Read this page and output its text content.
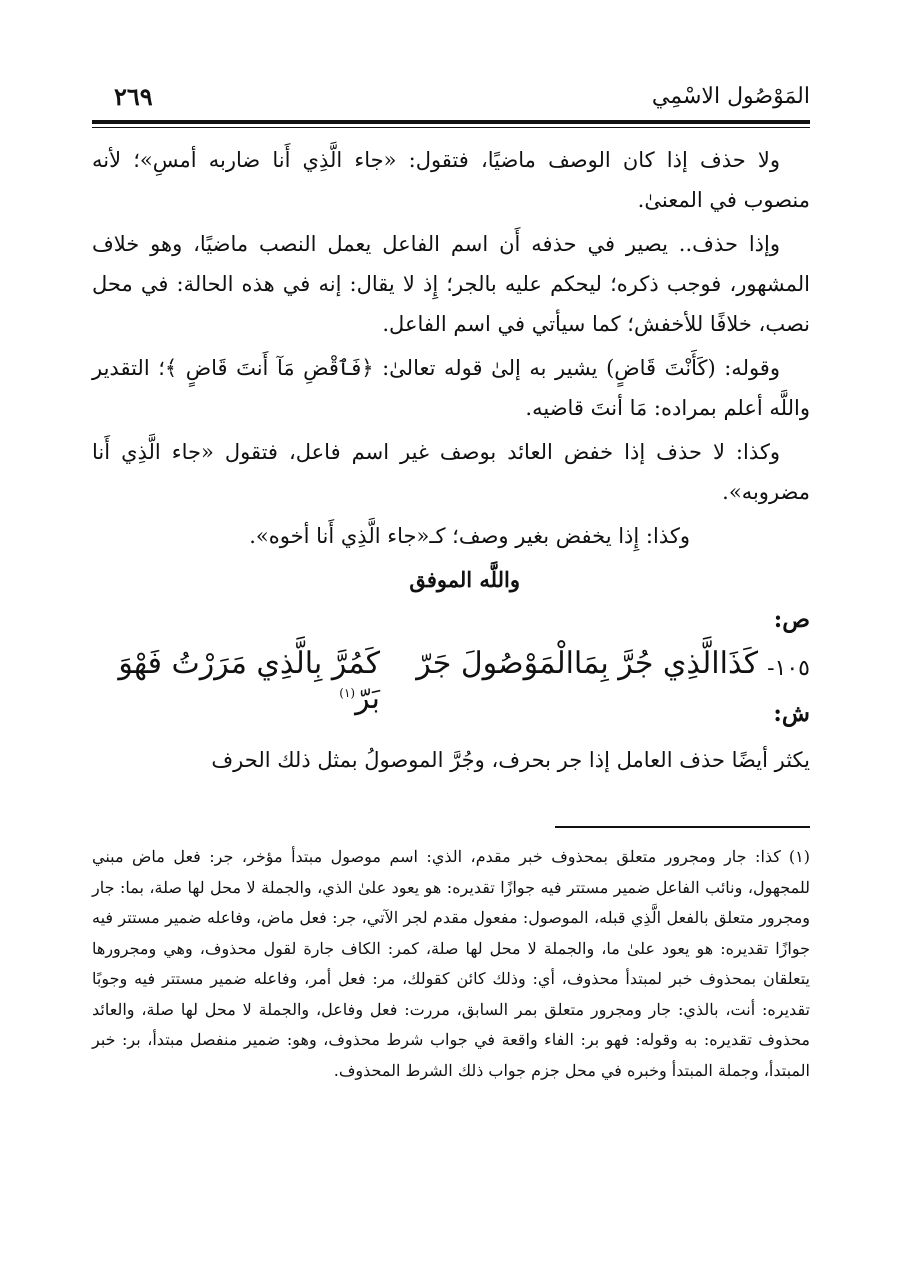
المَوْصُول الاسْمِي
٢٦٩

ولا حذف إذا كان الوصف ماضيًا، فتقول: «جاء الَّذِي أَنا ضاربه أمسِ»؛ لأنه منصوب في المعنىٰ.

وإذا حذف.. يصير في حذفه أَن اسم الفاعل يعمل النصب ماضيًا، وهو خلاف المشهور، فوجب ذكره؛ ليحكم عليه بالجر؛ إِذ لا يقال: إنه في هذه الحالة: في محل نصب، خلافًا للأخفش؛ كما سيأتي في اسم الفاعل.

وقوله: (كَأَنْتَ قَاضٍ) يشير به إلىٰ قوله تعالىٰ: ﴿فَٱقْضِ مَآ أَنتَ قَاضٍ ﴾؛ التقدير واللَّه أعلم بمراده: مَا أنتَ قاضيه.

وكذا: لا حذف إذا خفض العائد بوصف غير اسم فاعل، فتقول «جاء الَّذِي أَنا مضروبه».

وكذا: إِذا يخفض بغير وصف؛ كـ«جاء الَّذِي أَنا أخوه».

واللَّه الموفق

ص:
١٠٥-
كَذَاالَّذِي جُرَّ بِمَاالْمَوْصُولَ جَرّ
كَمُرَّ بِالَّذِي مَرَرْتُ فَهْوَ بَرّ$^{(١)}$
ش:
يكثر أيضًا حذف العامل إذا جر بحرف، وجُرَّ الموصولُ بمثل ذلك الحرف
(١)كذا: جار ومجرور متعلق بمحذوف خبر مقدم، الذي: اسم موصول مبتدأ مؤخر، جر: فعل ماض مبني للمجهول، ونائب الفاعل ضمير مستتر فيه جوازًا تقديره: هو يعود علىٰ الذي، والجملة لا محل لها صلة، بما: جار ومجرور متعلق بالفعل الَّذِي قبله، الموصول: مفعول مقدم لجر الآتي، جر: فعل ماض، وفاعله ضمير مستتر فيه جوازًا تقديره: هو يعود علىٰ ما، والجملة لا محل لها صلة، كمر: الكاف جارة لقول محذوف، وهي ومجرورها يتعلقان بمحذوف خبر لمبتدأ محذوف، أي: وذلك كائن كقولك، مر: فعل أمر، وفاعله ضمير مستتر فيه وجوبًا تقديره: أنت، بالذي: جار ومجرور متعلق بمر السابق، مررت: فعل وفاعل، والجملة لا محل لها صلة، والعائد محذوف تقديره: به وقوله: فهو بر: الفاء واقعة في جواب شرط محذوف، وهو: ضمير منفصل مبتدأ، بر: خبر المبتدأ، وجملة المبتدأ وخبره في محل جزم جواب ذلك الشرط المحذوف.
